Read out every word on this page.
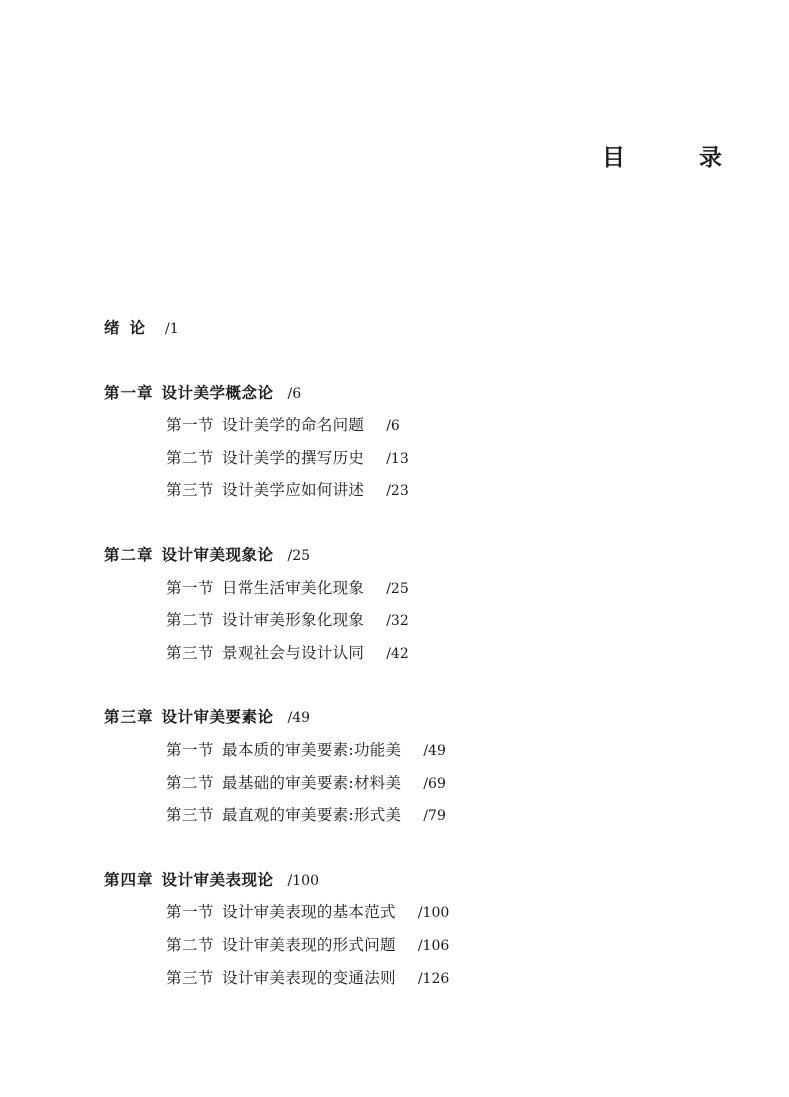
目 录
绪论 /1
第一章 设计美学概念论 /6
第一节 设计美学的命名问题 /6
第二节 设计美学的撰写历史 /13
第三节 设计美学应如何讲述 /23
第二章 设计审美现象论 /25
第一节 日常生活审美化现象 /25
第二节 设计审美形象化现象 /32
第三节 景观社会与设计认同 /42
第三章 设计审美要素论 /49
第一节 最本质的审美要素:功能美 /49
第二节 最基础的审美要素:材料美 /69
第三节 最直观的审美要素:形式美 /79
第四章 设计审美表现论 /100
第一节 设计审美表现的基本范式 /100
第二节 设计审美表现的形式问题 /106
第三节 设计审美表现的变通法则 /126
